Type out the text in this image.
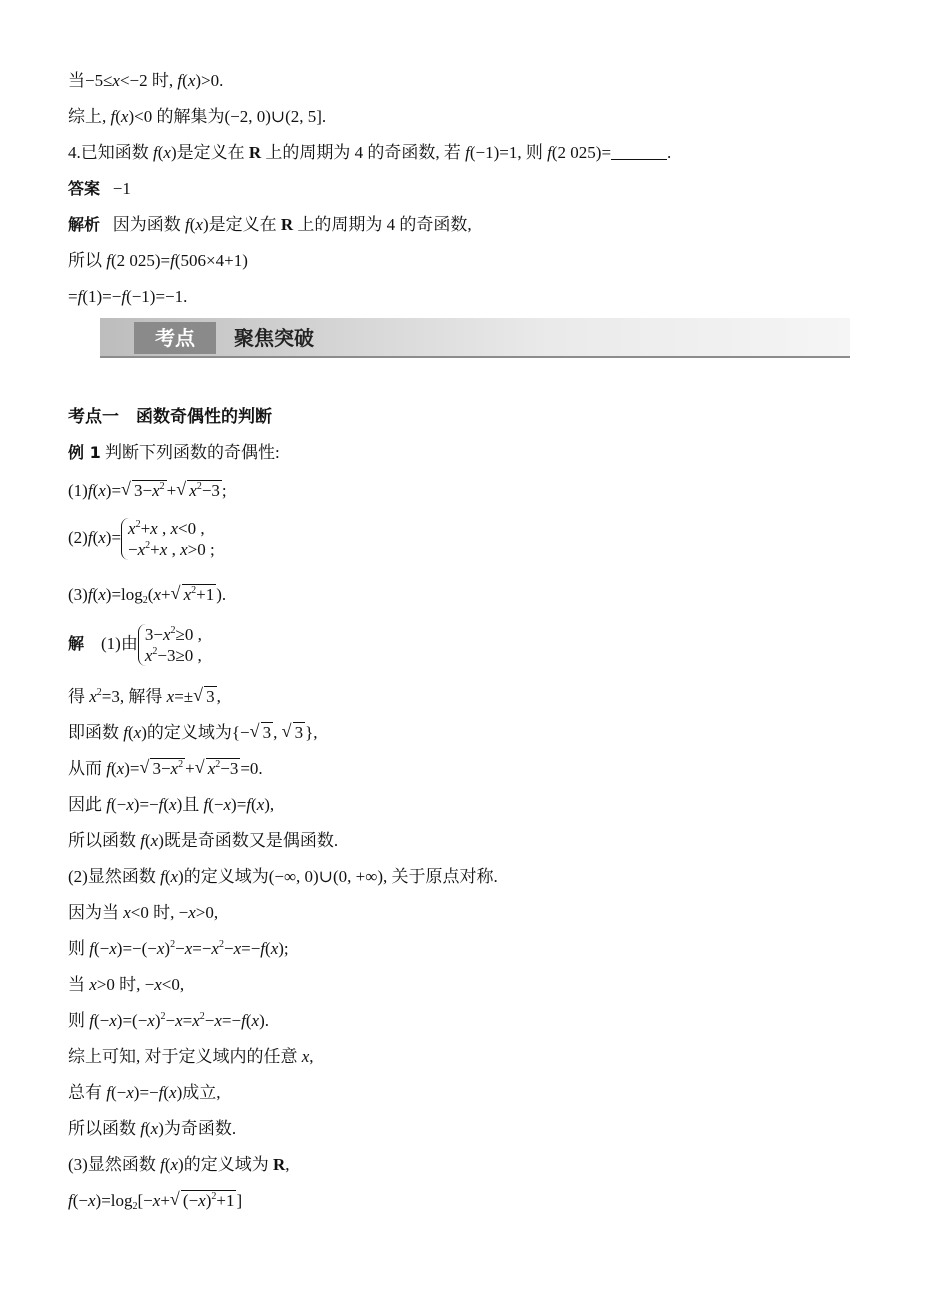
当−5≤x<−2 时, f(x)>0.
综上, f(x)<0 的解集为(−2, 0)∪(2, 5].
4.已知函数 f(x)是定义在 R 上的周期为 4 的奇函数, 若 f(−1)=1, 则 f(2 025)=	.
答案 −1
解析   因为函数 f(x)是定义在 R 上的周期为 4 的奇函数,
所以 f(2 025)=f(506×4+1)
=f(1)=−f(−1)=−1.
考点	聚焦突破
考点一　函数奇偶性的判断
例 1 判断下列函数的奇偶性:
(1)f(x)= √ $3-x^2$ + √ $x^2-3$ ;
$(2)f(x)= x^2+x$ , x<0 ,
$-x^2+x$ , x>0 ;
$(3)f(x)=\log_2(x+$ √ $x^2+1$ ).
解    (1)由 $3-x^2\ge 0$ ,
$x^2-3\ge 0$ ,
得 $x^2=3$, 解得 x=± √ 3 ,
即函数 f(x)的定义域为{− √ 3 , √ 3 },
从而 f(x)= √ $3-x^2$ + √ $x^2-3 =0$.
因此 f(−x)=−f(x)且 f(−x)=f(x),
所以函数 f(x)既是奇函数又是偶函数.
(2)显然函数 f(x)的定义域为(−∞, 0)∪(0, +∞), 关于原点对称.
因为当 x<0 时, −x>0,
则 $f(-x)=-(-x)^2-x=-x^2-x=-f(x)$;
当 x>0 时, −x<0,
则 $f(-x)=(-x)^2-x=x^2-x=-f(x)$.
综上可知, 对于定义域内的任意 x,
总有 f(−x)=−f(x)成立,
所以函数 f(x)为奇函数.
(3)显然函数 f(x)的定义域为 R,
$f(-x)=\log_2[-x+$ √ $(-x)^2+1$ ]
